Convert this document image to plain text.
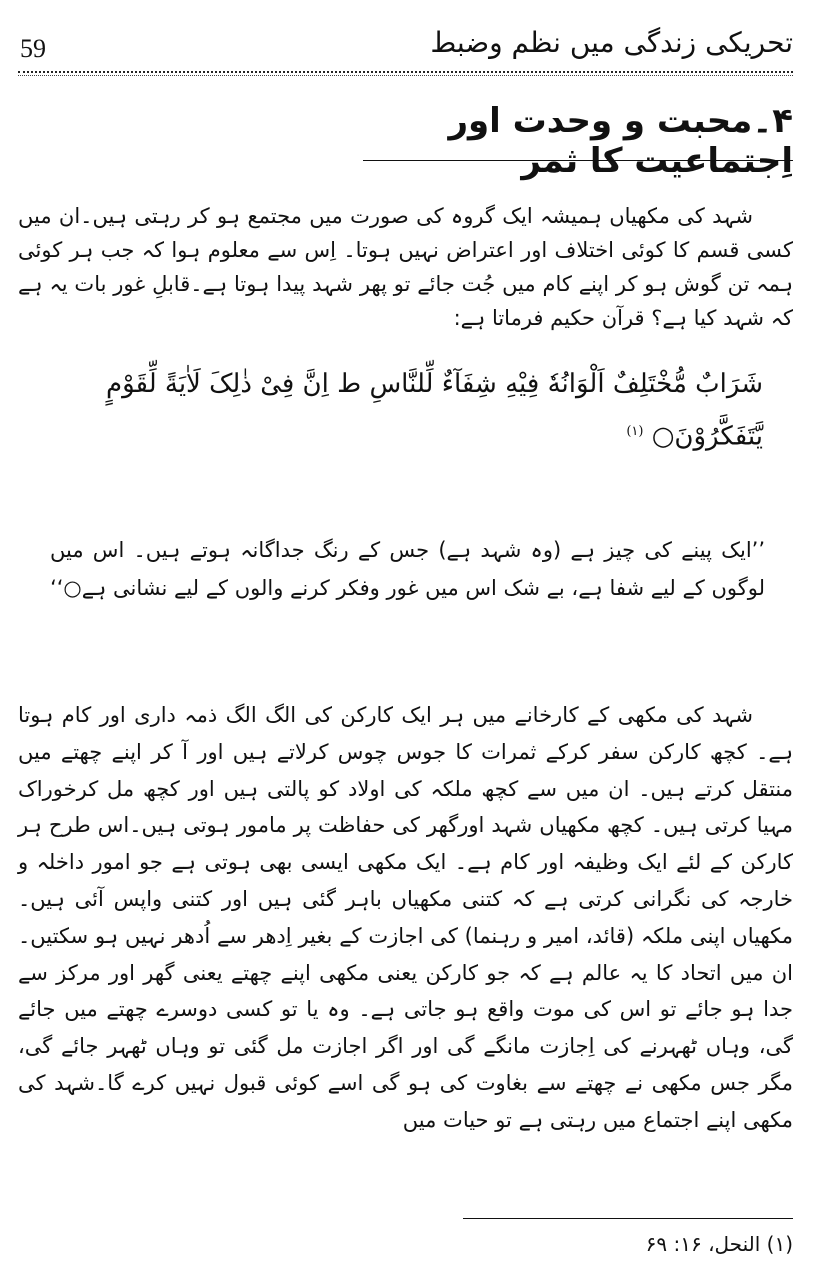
59	تحریکی زندگی میں نظم وضبط
۴۔محبت و وحدت اور اِجتماعیت کا ثمر

شہد کی مکھیاں ہمیشہ ایک گروہ کی صورت میں مجتمع ہو کر رہتی ہیں۔ان میں کسی قسم کا کوئی اختلاف اور اعتراض نہیں ہوتا۔ اِس سے معلوم ہوا کہ جب ہر کوئی ہمہ تن گوش ہو کر اپنے کام میں جُت جائے تو پھر شہد پیدا ہوتا ہے۔قابلِ غور بات یہ ہے کہ شہد کیا ہے؟ قرآن حکیم فرماتا ہے:

شَرَابٌ مُّخْتَلِفٌ اَلْوَانُهٗ فِيْهِ شِفَآءٌ لِّلنَّاسِ ط اِنَّ فِیْ ذٰلِکَ لَاٰیَةً لِّقَوْمٍ يَّتَفَكَّرُوْنَ○ $^{(۱)}$

’’ایک پینے کی چیز ہے (وہ شہد ہے) جس کے رنگ جداگانہ ہوتے ہیں۔ اس میں لوگوں کے لیے شفا ہے، بے شک اس میں غور وفکر کرنے والوں کے لیے نشانی ہے○‘‘

شہد کی مکھی کے کارخانے میں ہر ایک کارکن کی الگ الگ ذمہ داری اور کام ہوتا ہے۔ کچھ کارکن سفر کرکے ثمرات کا جوس چوس کرلاتے ہیں اور آ کر اپنے چھتے میں منتقل کرتے ہیں۔ ان میں سے کچھ ملکہ کی اولاد کو پالتی ہیں اور کچھ مل کرخوراک مہیا کرتی ہیں۔ کچھ مکھیاں شہد اورگھر کی حفاظت پر مامور ہوتی ہیں۔اس طرح ہر کارکن کے لئے ایک وظیفہ اور کام ہے۔ ایک مکھی ایسی بھی ہوتی ہے جو امور داخلہ و خارجہ کی نگرانی کرتی ہے کہ کتنی مکھیاں باہر گئی ہیں اور کتنی واپس آئی ہیں۔مکھیاں اپنی ملکہ (قائد، امیر و رہنما) کی اجازت کے بغیر اِدھر سے اُدھر نہیں ہو سکتیں۔ ان میں اتحاد کا یہ عالم ہے کہ جو کارکن یعنی مکھی اپنے چھتے یعنی گھر اور مرکز سے جدا ہو جائے تو اس کی موت واقع ہو جاتی ہے۔ وہ یا تو کسی دوسرے چھتے میں جائے گی، وہاں ٹھہرنے کی اِجازت مانگے گی اور اگر اجازت مل گئی تو وہاں ٹھہر جائے گی، مگر جس مکھی نے چھتے سے بغاوت کی ہو گی اسے کوئی قبول نہیں کرے گا۔شہد کی مکھی اپنے اجتماع میں رہتی ہے تو حیات میں

(۱) النحل، ۱۶: ۶۹
